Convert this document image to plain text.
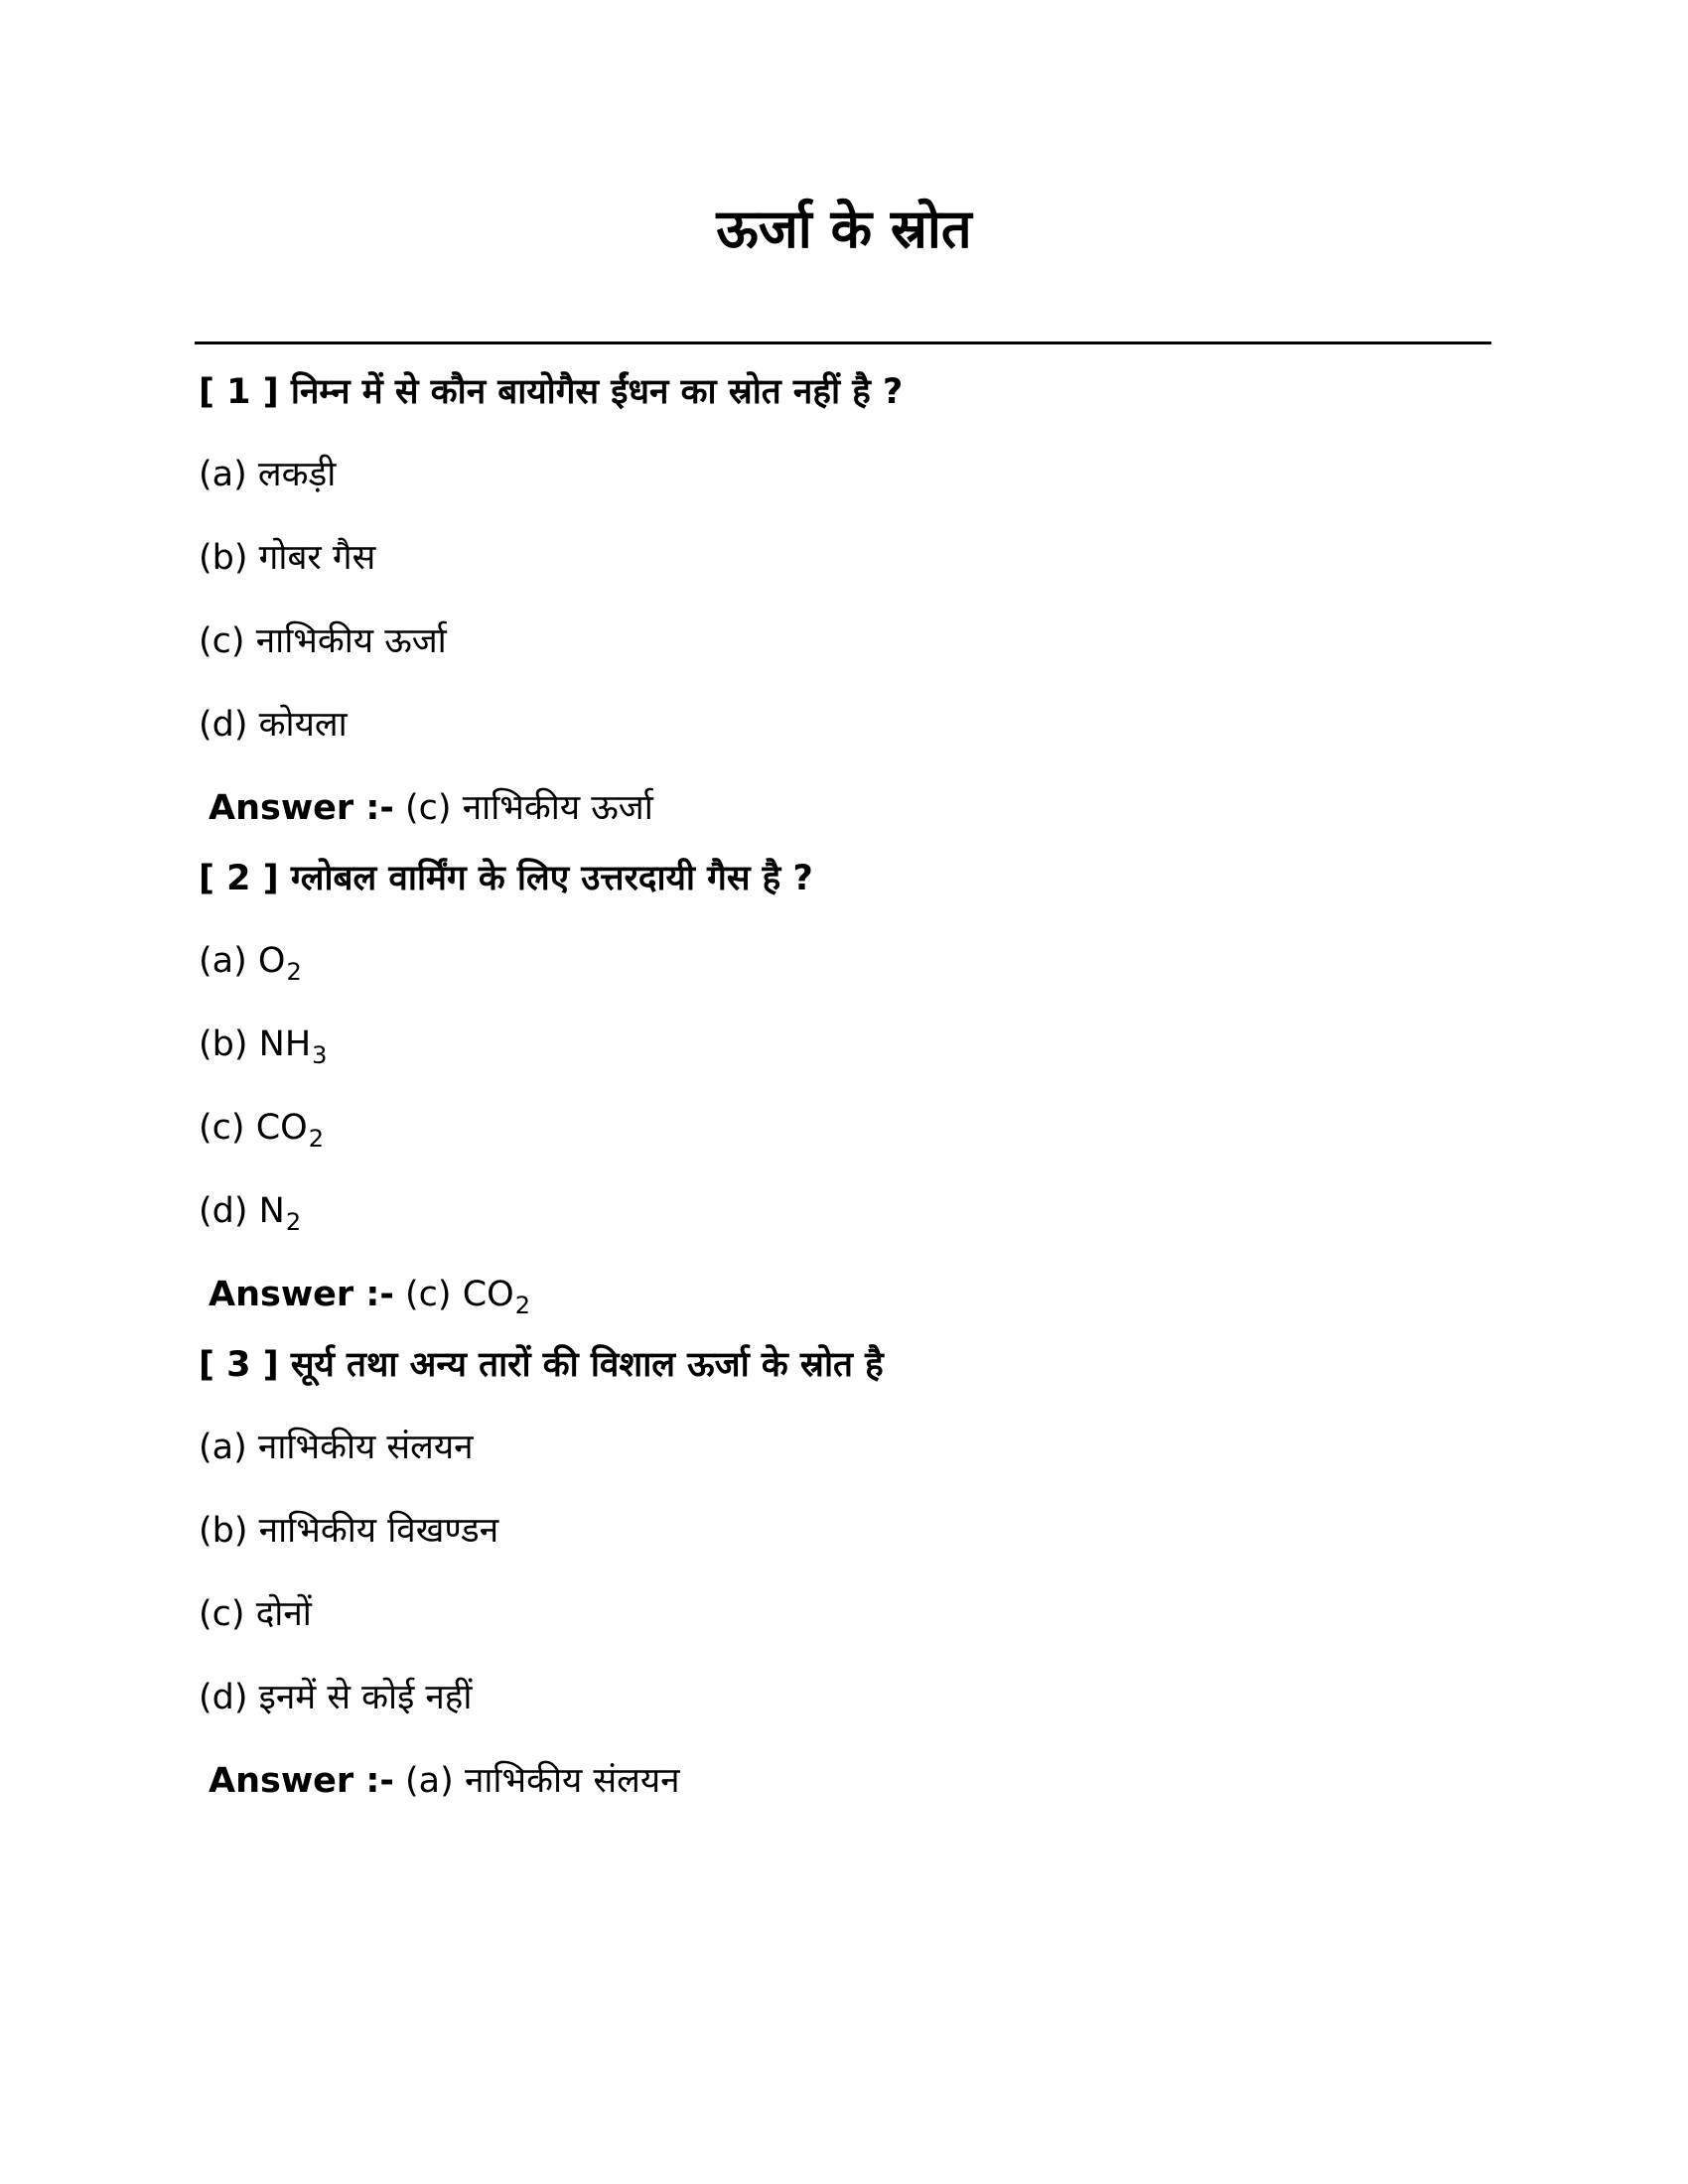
ऊर्जा के स्रोत
[ 1 ] निम्न में से कौन बायोगैस ईंधन का स्रोत नहीं है ?
(a) लकड़ी
(b) गोबर गैस
(c) नाभिकीय ऊर्जा
(d) कोयला
Answer :- (c) नाभिकीय ऊर्जा
[ 2 ] ग्लोबल वार्मिंग के लिए उत्तरदायी गैस है ?
(a) $O_2$
(b) $NH_3$
(c) $CO_2$
(d) $N_2$
Answer :- (c) $CO_2$
[ 3 ] सूर्य तथा अन्य तारों की विशाल ऊर्जा के स्रोत है
(a) नाभिकीय संलयन
(b) नाभिकीय विखण्डन
(c) दोनों
(d) इनमें से कोई नहीं
Answer :- (a) नाभिकीय संलयन
